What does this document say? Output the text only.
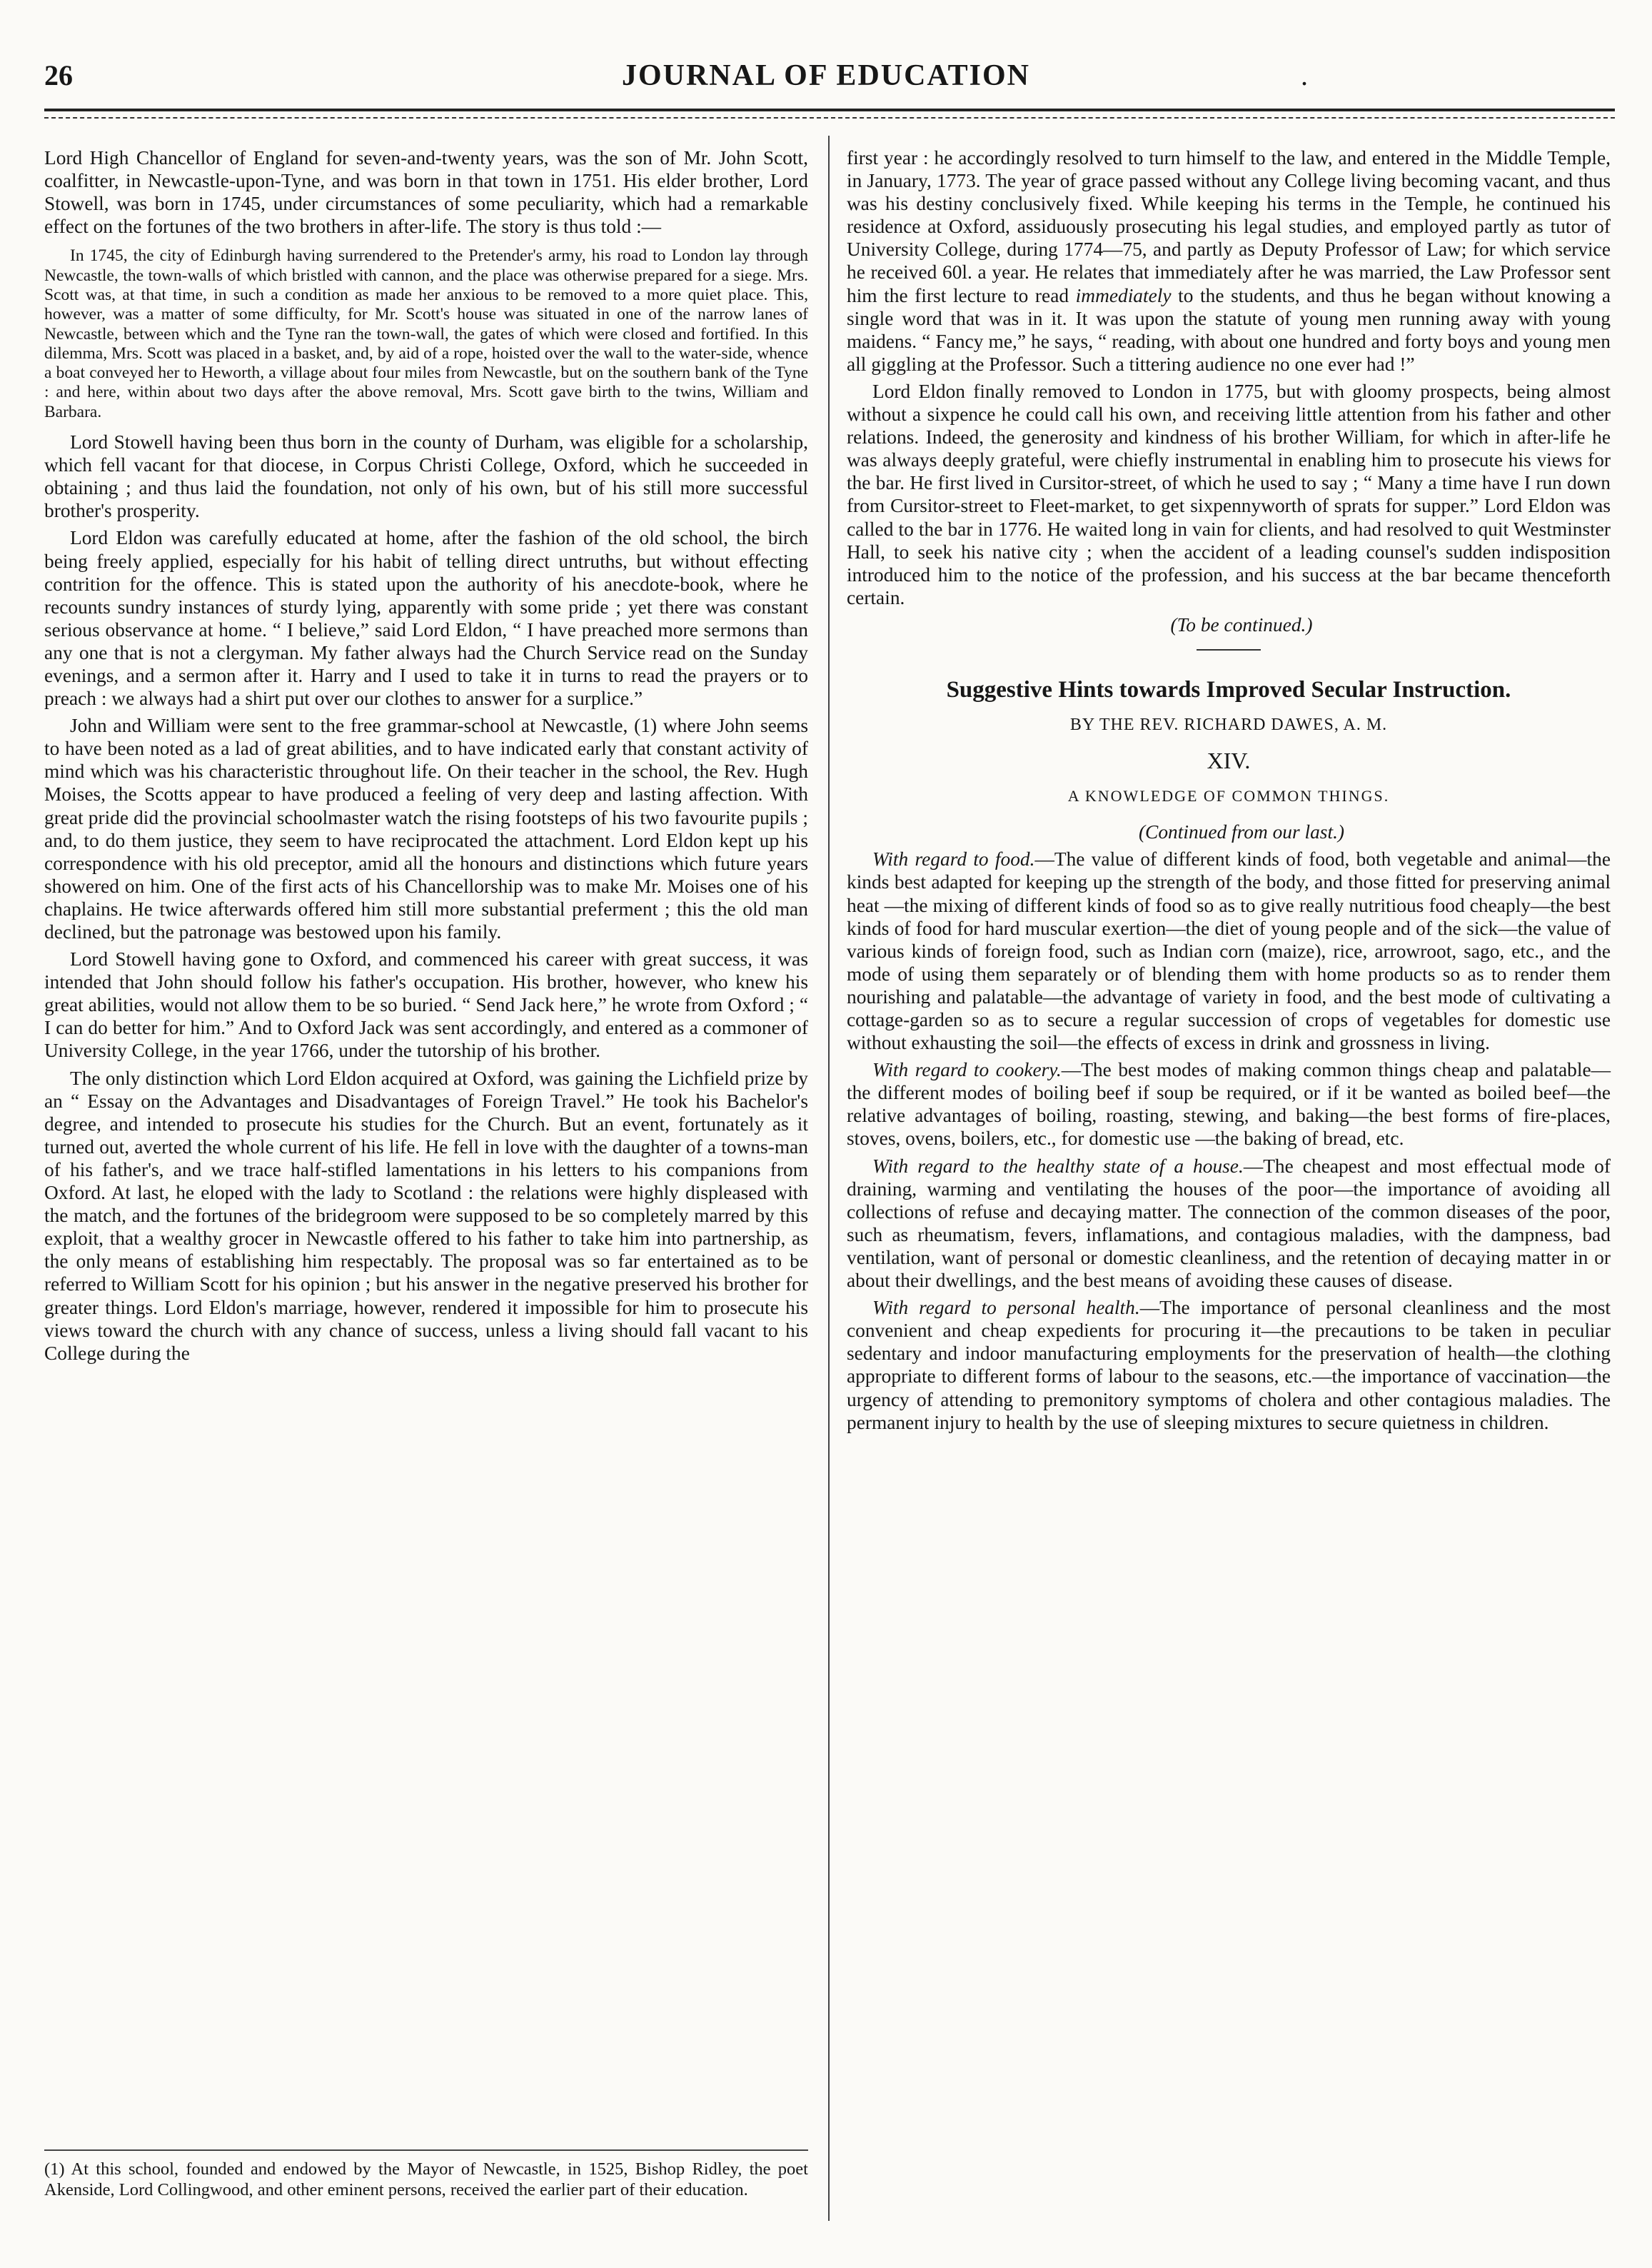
26	JOURNAL OF EDUCATION	.

Lord High Chancellor of England for seven-and-twenty years, was the son of Mr. John Scott, coalfitter, in Newcastle-upon-Tyne, and was born in that town in 1751. His elder brother, Lord Stowell, was born in 1745, under circumstances of some peculiarity, which had a remarkable effect on the fortunes of the two brothers in after-life. The story is thus told :—

In 1745, the city of Edinburgh having surrendered to the Pretender's army, his road to London lay through Newcastle, the town-walls of which bristled with cannon, and the place was otherwise prepared for a siege. Mrs. Scott was, at that time, in such a condition as made her anxious to be removed to a more quiet place. This, however, was a matter of some difficulty, for Mr. Scott's house was situated in one of the narrow lanes of Newcastle, between which and the Tyne ran the town-wall, the gates of which were closed and fortified. In this dilemma, Mrs. Scott was placed in a basket, and, by aid of a rope, hoisted over the wall to the water-side, whence a boat conveyed her to Heworth, a village about four miles from Newcastle, but on the southern bank of the Tyne : and here, within about two days after the above removal, Mrs. Scott gave birth to the twins, William and Barbara.

Lord Stowell having been thus born in the county of Durham, was eligible for a scholarship, which fell vacant for that diocese, in Corpus Christi College, Oxford, which he succeeded in obtaining ; and thus laid the foundation, not only of his own, but of his still more successful brother's prosperity.

Lord Eldon was carefully educated at home, after the fashion of the old school, the birch being freely applied, especially for his habit of telling direct untruths, but without effecting contrition for the offence. This is stated upon the authority of his anecdote-book, where he recounts sundry instances of sturdy lying, apparently with some pride ; yet there was constant serious observance at home. “ I believe,” said Lord Eldon, “ I have preached more sermons than any one that is not a clergyman. My father always had the Church Service read on the Sunday evenings, and a sermon after it. Harry and I used to take it in turns to read the prayers or to preach : we always had a shirt put over our clothes to answer for a surplice.”

John and William were sent to the free grammar-school at Newcastle, (1) where John seems to have been noted as a lad of great abilities, and to have indicated early that constant activity of mind which was his characteristic throughout life. On their teacher in the school, the Rev. Hugh Moises, the Scotts appear to have produced a feeling of very deep and lasting affection. With great pride did the provincial schoolmaster watch the rising footsteps of his two favourite pupils ; and, to do them justice, they seem to have reciprocated the attachment. Lord Eldon kept up his correspondence with his old preceptor, amid all the honours and distinctions which future years showered on him. One of the first acts of his Chancellorship was to make Mr. Moises one of his chaplains. He twice afterwards offered him still more substantial preferment ; this the old man declined, but the patronage was bestowed upon his family.

Lord Stowell having gone to Oxford, and commenced his career with great success, it was intended that John should follow his father's occupation. His brother, however, who knew his great abilities, would not allow them to be so buried. “ Send Jack here,” he wrote from Oxford ; “ I can do better for him.” And to Oxford Jack was sent accordingly, and entered as a commoner of University College, in the year 1766, under the tutorship of his brother.

The only distinction which Lord Eldon acquired at Oxford, was gaining the Lichfield prize by an “ Essay on the Advantages and Disadvantages of Foreign Travel.” He took his Bachelor's degree, and intended to prosecute his studies for the Church. But an event, fortunately as it turned out, averted the whole current of his life. He fell in love with the daughter of a towns-man of his father's, and we trace half-stifled lamentations in his letters to his companions from Oxford. At last, he eloped with the lady to Scotland : the relations were highly displeased with the match, and the fortunes of the bridegroom were supposed to be so completely marred by this exploit, that a wealthy grocer in Newcastle offered to his father to take him into partnership, as the only means of establishing him respectably. The proposal was so far entertained as to be referred to William Scott for his opinion ; but his answer in the negative preserved his brother for greater things. Lord Eldon's marriage, however, rendered it impossible for him to prosecute his views toward the church with any chance of success, unless a living should fall vacant to his College during the

(1) At this school, founded and endowed by the Mayor of Newcastle, in 1525, Bishop Ridley, the poet Akenside, Lord Collingwood, and other eminent persons, received the earlier part of their education.

first year : he accordingly resolved to turn himself to the law, and entered in the Middle Temple, in January, 1773. The year of grace passed without any College living becoming vacant, and thus was his destiny conclusively fixed. While keeping his terms in the Temple, he continued his residence at Oxford, assiduously prosecuting his legal studies, and employed partly as tutor of University College, during 1774—75, and partly as Deputy Professor of Law; for which service he received 60l. a year. He relates that immediately after he was married, the Law Professor sent him the first lecture to read immediately to the students, and thus he began without knowing a single word that was in it. It was upon the statute of young men running away with young maidens. “ Fancy me,” he says, “ reading, with about one hundred and forty boys and young men all giggling at the Professor. Such a tittering audience no one ever had !”

Lord Eldon finally removed to London in 1775, but with gloomy prospects, being almost without a sixpence he could call his own, and receiving little attention from his father and other relations. Indeed, the generosity and kindness of his brother William, for which in after-life he was always deeply grateful, were chiefly instrumental in enabling him to prosecute his views for the bar. He first lived in Cursitor-street, of which he used to say ; “ Many a time have I run down from Cursitor-street to Fleet-market, to get sixpennyworth of sprats for supper.” Lord Eldon was called to the bar in 1776. He waited long in vain for clients, and had resolved to quit Westminster Hall, to seek his native city ; when the accident of a leading counsel's sudden indisposition introduced him to the notice of the profession, and his success at the bar became thenceforth certain.

(To be continued.)

Suggestive Hints towards Improved Secular Instruction.
BY THE REV. RICHARD DAWES, A. M.
XIV.
A KNOWLEDGE OF COMMON THINGS.

(Continued from our last.)

With regard to food.—The value of different kinds of food, both vegetable and animal—the kinds best adapted for keeping up the strength of the body, and those fitted for preserving animal heat —the mixing of different kinds of food so as to give really nutritious food cheaply—the best kinds of food for hard muscular exertion—the diet of young people and of the sick—the value of various kinds of foreign food, such as Indian corn (maize), rice, arrowroot, sago, etc., and the mode of using them separately or of blending them with home products so as to render them nourishing and palatable—the advantage of variety in food, and the best mode of cultivating a cottage-garden so as to secure a regular succession of crops of vegetables for domestic use without exhausting the soil—the effects of excess in drink and grossness in living.

With regard to cookery.—The best modes of making common things cheap and palatable—the different modes of boiling beef if soup be required, or if it be wanted as boiled beef—the relative advantages of boiling, roasting, stewing, and baking—the best forms of fire-places, stoves, ovens, boilers, etc., for domestic use —the baking of bread, etc.

With regard to the healthy state of a house.—The cheapest and most effectual mode of draining, warming and ventilating the houses of the poor—the importance of avoiding all collections of refuse and decaying matter. The connection of the common diseases of the poor, such as rheumatism, fevers, inflamations, and contagious maladies, with the dampness, bad ventilation, want of personal or domestic cleanliness, and the retention of decaying matter in or about their dwellings, and the best means of avoiding these causes of disease.

With regard to personal health.—The importance of personal cleanliness and the most convenient and cheap expedients for procuring it—the precautions to be taken in peculiar sedentary and indoor manufacturing employments for the preservation of health—the clothing appropriate to different forms of labour to the seasons, etc.—the importance of vaccination—the urgency of attending to premonitory symptoms of cholera and other contagious maladies. The permanent injury to health by the use of sleeping mixtures to secure quietness in children.
